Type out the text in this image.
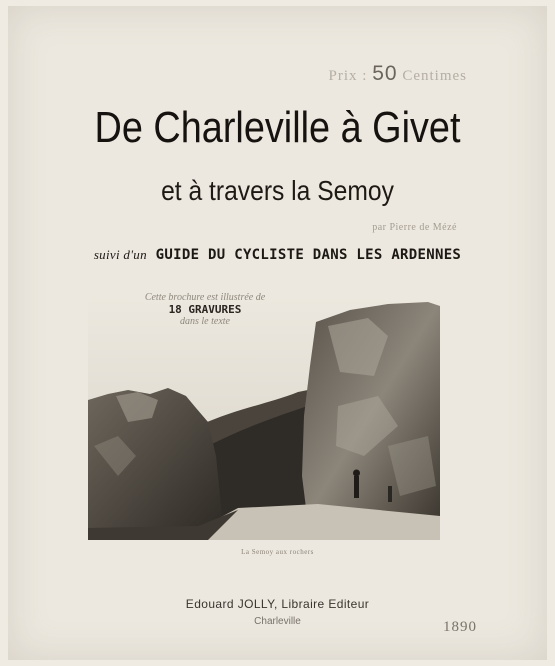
Prix : 50 Centimes
De Charleville à Givet
et à travers la Semoy
par Pierre de Mézé
suivi d'un GUIDE DU CYCLISTE DANS LES ARDENNES
Cette brochure est illustrée de
18 GRAVURES
dans le texte
La Semoy aux rochers
Edouard JOLLY, Libraire Editeur
Charleville	1890
